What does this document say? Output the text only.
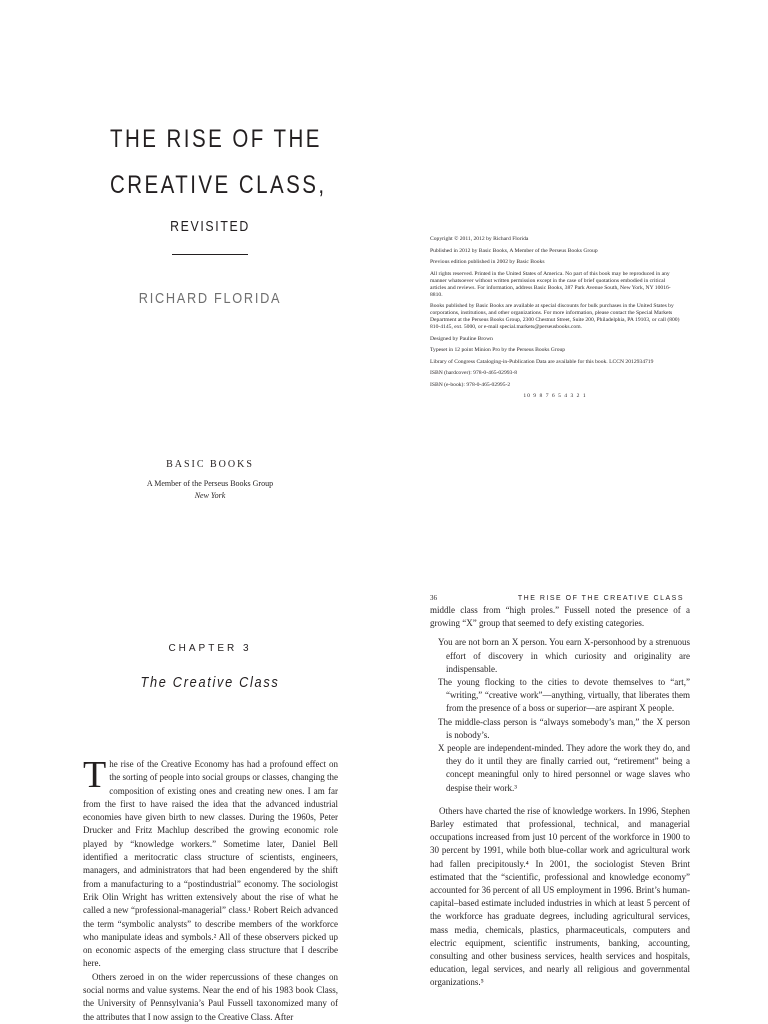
THE RISE OF THE
CREATIVE CLASS,
REVISITED
RICHARD FLORIDA
BASIC BOOKS
A Member of the Perseus Books Group
New York

Copyright © 2011, 2012 by Richard Florida

Published in 2012 by Basic Books, A Member of the Perseus Books Group

Previous edition published in 2002 by Basic Books

All rights reserved. Printed in the United States of America. No part of this book may be reproduced in any manner whatsoever without written permission except in the case of brief quotations embodied in critical articles and reviews. For information, address Basic Books, 387 Park Avenue South, New York, NY 10016-8810.

Books published by Basic Books are available at special discounts for bulk purchases in the United States by corporations, institutions, and other organizations. For more information, please contact the Special Markets Department at the Perseus Books Group, 2300 Chestnut Street, Suite 200, Philadelphia, PA 19103, or call (800) 810-4145, ext. 5000, or e-mail special.markets@perseusbooks.com.

Designed by Pauline Brown

Typeset in 12 point Minion Pro by the Perseus Books Group

Library of Congress Cataloging-in-Publication Data are available for this book. LCCN 2012934719

ISBN (hardcover): 978-0-465-02993-8

ISBN (e-book): 978-0-465-02995-2

10 9 8 7 6 5 4 3 2 1

CHAPTER 3
The Creative Class

The rise of the Creative Economy has had a profound effect on the sorting of people into social groups or classes, changing the composition of existing ones and creating new ones. I am far from the first to have raised the idea that the advanced industrial economies have given birth to new classes. During the 1960s, Peter Drucker and Fritz Machlup described the growing economic role played by “knowledge workers.” Sometime later, Daniel Bell identified a meritocratic class structure of scientists, engineers, managers, and administrators that had been engendered by the shift from a manufacturing to a “postindustrial” economy. The sociologist Erik Olin Wright has written extensively about the rise of what he called a new “professional-managerial” class.¹ Robert Reich advanced the term “symbolic analysts” to describe members of the workforce who manipulate ideas and symbols.² All of these observers picked up on economic aspects of the emerging class structure that I describe here.

Others zeroed in on the wider repercussions of these changes on social norms and value systems. Near the end of his 1983 book Class, the University of Pennsylvania’s Paul Fussell taxonomized many of the attributes that I now assign to the Creative Class. After

36	THE RISE OF THE CREATIVE CLASS

middle class from “high proles.” Fussell noted the presence of a growing “X” group that seemed to defy existing categories.

You are not born an X person. You earn X-personhood by a strenuous effort of discovery in which curiosity and originality are indispensable.

The young flocking to the cities to devote themselves to “art,” “writing,” “creative work”—anything, virtually, that liberates them from the presence of a boss or superior—are aspirant X people.

The middle-class person is “always somebody’s man,” the X person is nobody’s.

X people are independent-minded. They adore the work they do, and they do it until they are finally carried out, “retirement” being a concept meaningful only to hired personnel or wage slaves who despise their work.³

Others have charted the rise of knowledge workers. In 1996, Stephen Barley estimated that professional, technical, and managerial occupations increased from just 10 percent of the workforce in 1900 to 30 percent by 1991, while both blue-collar work and agricultural work had fallen precipitously.⁴ In 2001, the sociologist Steven Brint estimated that the “scientific, professional and knowledge economy” accounted for 36 percent of all US employment in 1996. Brint’s human-capital–based estimate included industries in which at least 5 percent of the workforce has graduate degrees, including agricultural services, mass media, chemicals, plastics, pharmaceuticals, computers and electric equipment, scientific instruments, banking, accounting, consulting and other business services, health services and hospitals, education, legal services, and nearly all religious and governmental organizations.⁵
